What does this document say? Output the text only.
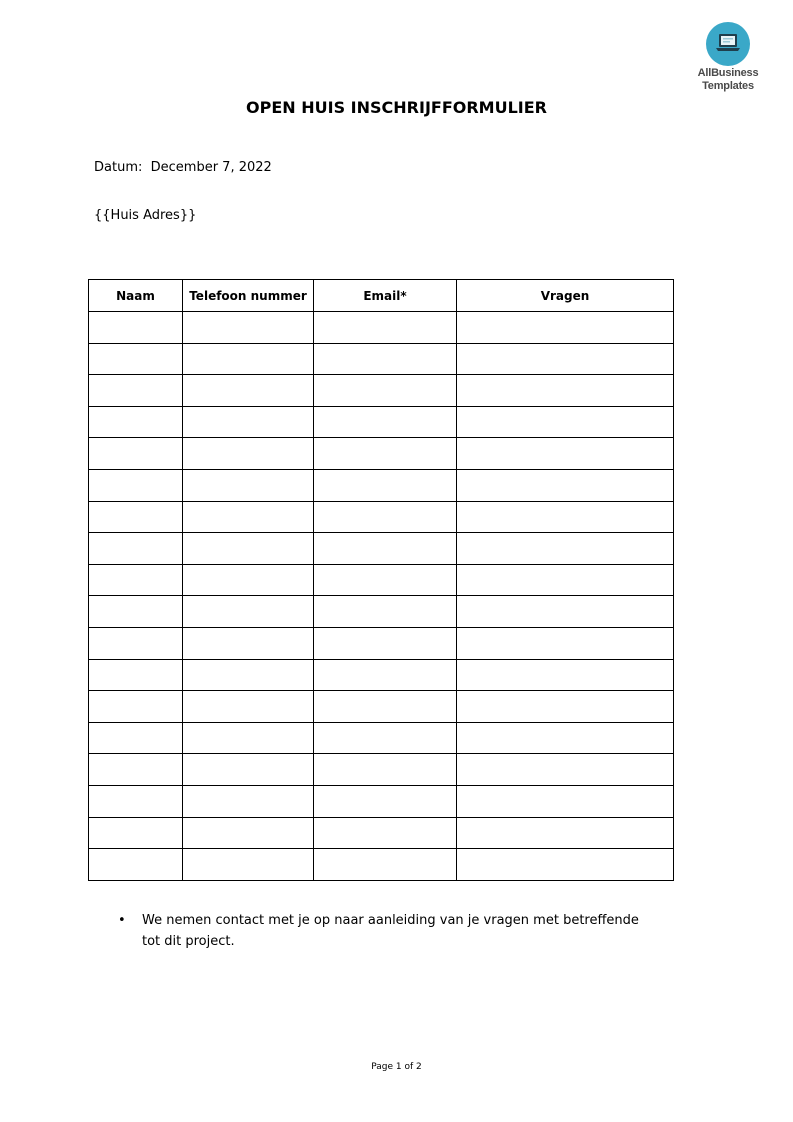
AllBusiness
Templates
OPEN HUIS INSCHRIJFFORMULIER
Datum: December 7, 2022
{{Huis Adres}}
Naam	Telefoon nummer	Email*	Vragen

• We nemen contact met je op naar aanleiding van je vragen met betreffende tot dit project.
Page 1 of 2
